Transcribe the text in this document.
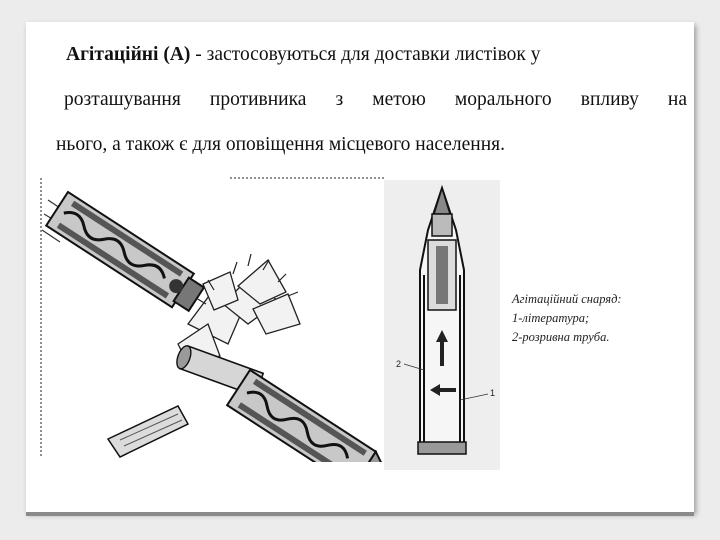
Агітаційні (А) - застосовуються для доставки листівок у

розташування противника з метою морального впливу на

нього, а також є для оповіщення місцевого населення.

2
1
Агітаційний снаряд:
1-література;
2-розривна труба.
